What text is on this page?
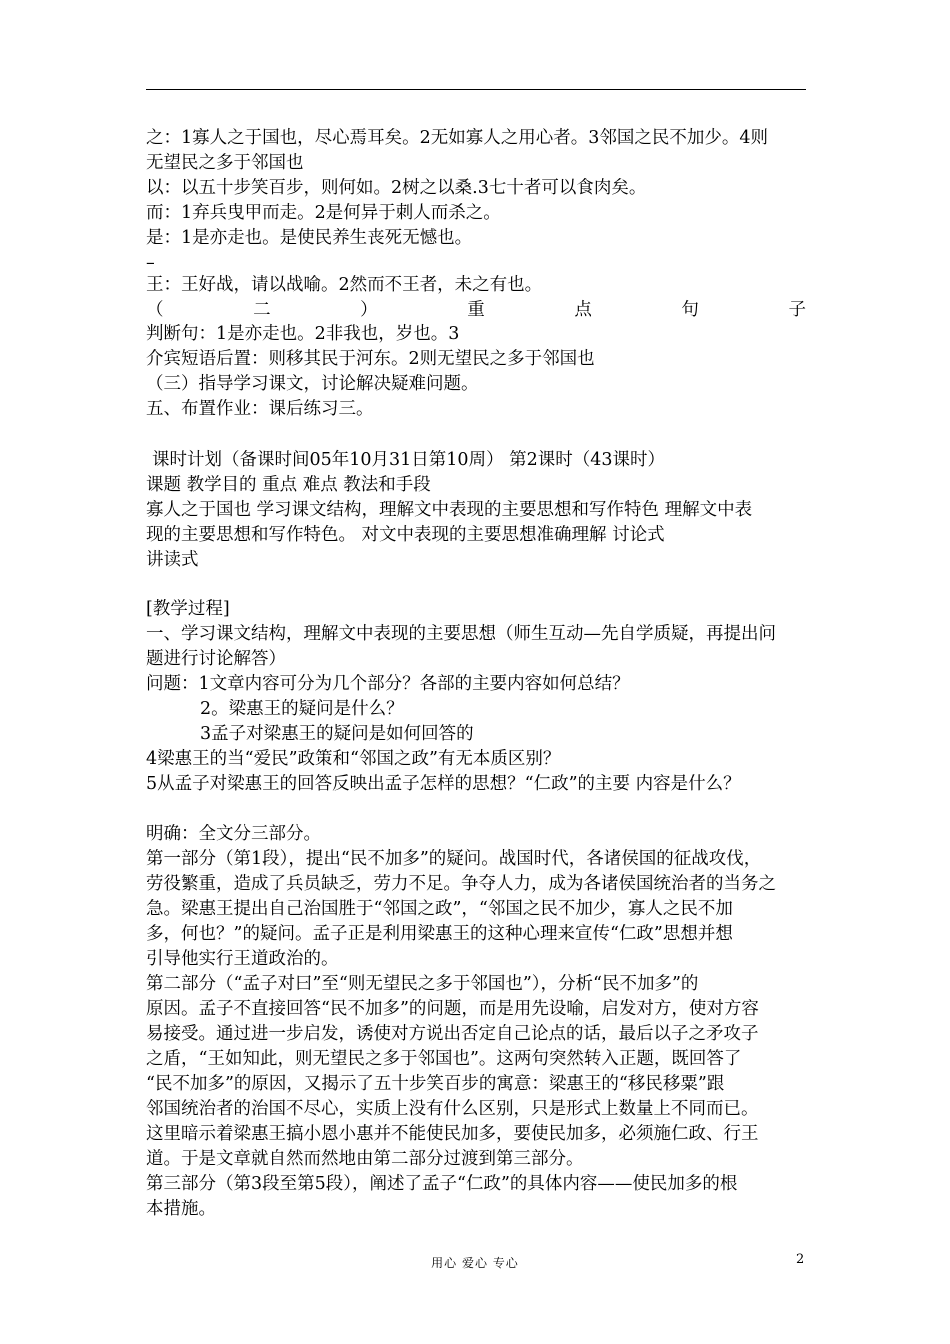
之：1寡人之于国也，尽心焉耳矣。2无如寡人之用心者。3邻国之民不加少。4则
无望民之多于邻国也
以：以五十步笑百步，则何如。2树之以桑.3七十者可以食肉矣。
而：1弃兵曳甲而走。2是何异于刺人而杀之。
是：1是亦走也。是使民养生丧死无憾也。
–
王：王好战，请以战喻。2然而不王者，未之有也。
判断句：1是亦走也。2非我也，岁也。3
介宾短语后置：则移其民于河东。2则无望民之多于邻国也
（三）指导学习课文，讨论解决疑难问题。
五、布置作业：课后练习三。
课时计划（备课时间05年10月31日第10周） 第2课时（43课时）
课题 教学目的 重点 难点 教法和手段
寡人之于国也 学习课文结构，理解文中表现的主要思想和写作特色 理解文中表
现的主要思想和写作特色。 对文中表现的主要思想准确理解 讨论式
讲读式
[教学过程]
一、学习课文结构，理解文中表现的主要思想（师生互动—先自学质疑，再提出问
题进行讨论解答）
问题：1文章内容可分为几个部分？各部的主要内容如何总结？
2。梁惠王的疑问是什么？
3孟子对梁惠王的疑问是如何回答的
4梁惠王的当“爱民”政策和“邻国之政”有无本质区别？
5从孟子对梁惠王的回答反映出孟子怎样的思想？“仁政”的主要 内容是什么？
明确：全文分三部分。
第一部分（第1段），提出“民不加多”的疑问。战国时代，各诸侯国的征战攻伐，
劳役繁重，造成了兵员缺乏，劳力不足。争夺人力，成为各诸侯国统治者的当务之
急。梁惠王提出自己治国胜于“邻国之政”，“邻国之民不加少，寡人之民不加
多，何也？”的疑问。孟子正是利用梁惠王的这种心理来宣传“仁政”思想并想
引导他实行王道政治的。
第二部分（“孟子对曰”至“则无望民之多于邻国也”），分析“民不加多”的
原因。孟子不直接回答“民不加多”的问题，而是用先设喻，启发对方，使对方容
易接受。通过进一步启发，诱使对方说出否定自己论点的话，最后以子之矛攻子
之盾，“王如知此，则无望民之多于邻国也”。这两句突然转入正题，既回答了
“民不加多”的原因，又揭示了五十步笑百步的寓意：梁惠王的“移民移粟”跟
邻国统治者的治国不尽心，实质上没有什么区别，只是形式上数量上不同而已。
这里暗示着梁惠王搞小恩小惠并不能使民加多，要使民加多，必须施仁政、行王
道。于是文章就自然而然地由第二部分过渡到第三部分。
第三部分（第3段至第5段），阐述了孟子“仁政”的具体内容——使民加多的根
本措施。
（	二	）	重	点	句	子
用心 爱心 专心	2
